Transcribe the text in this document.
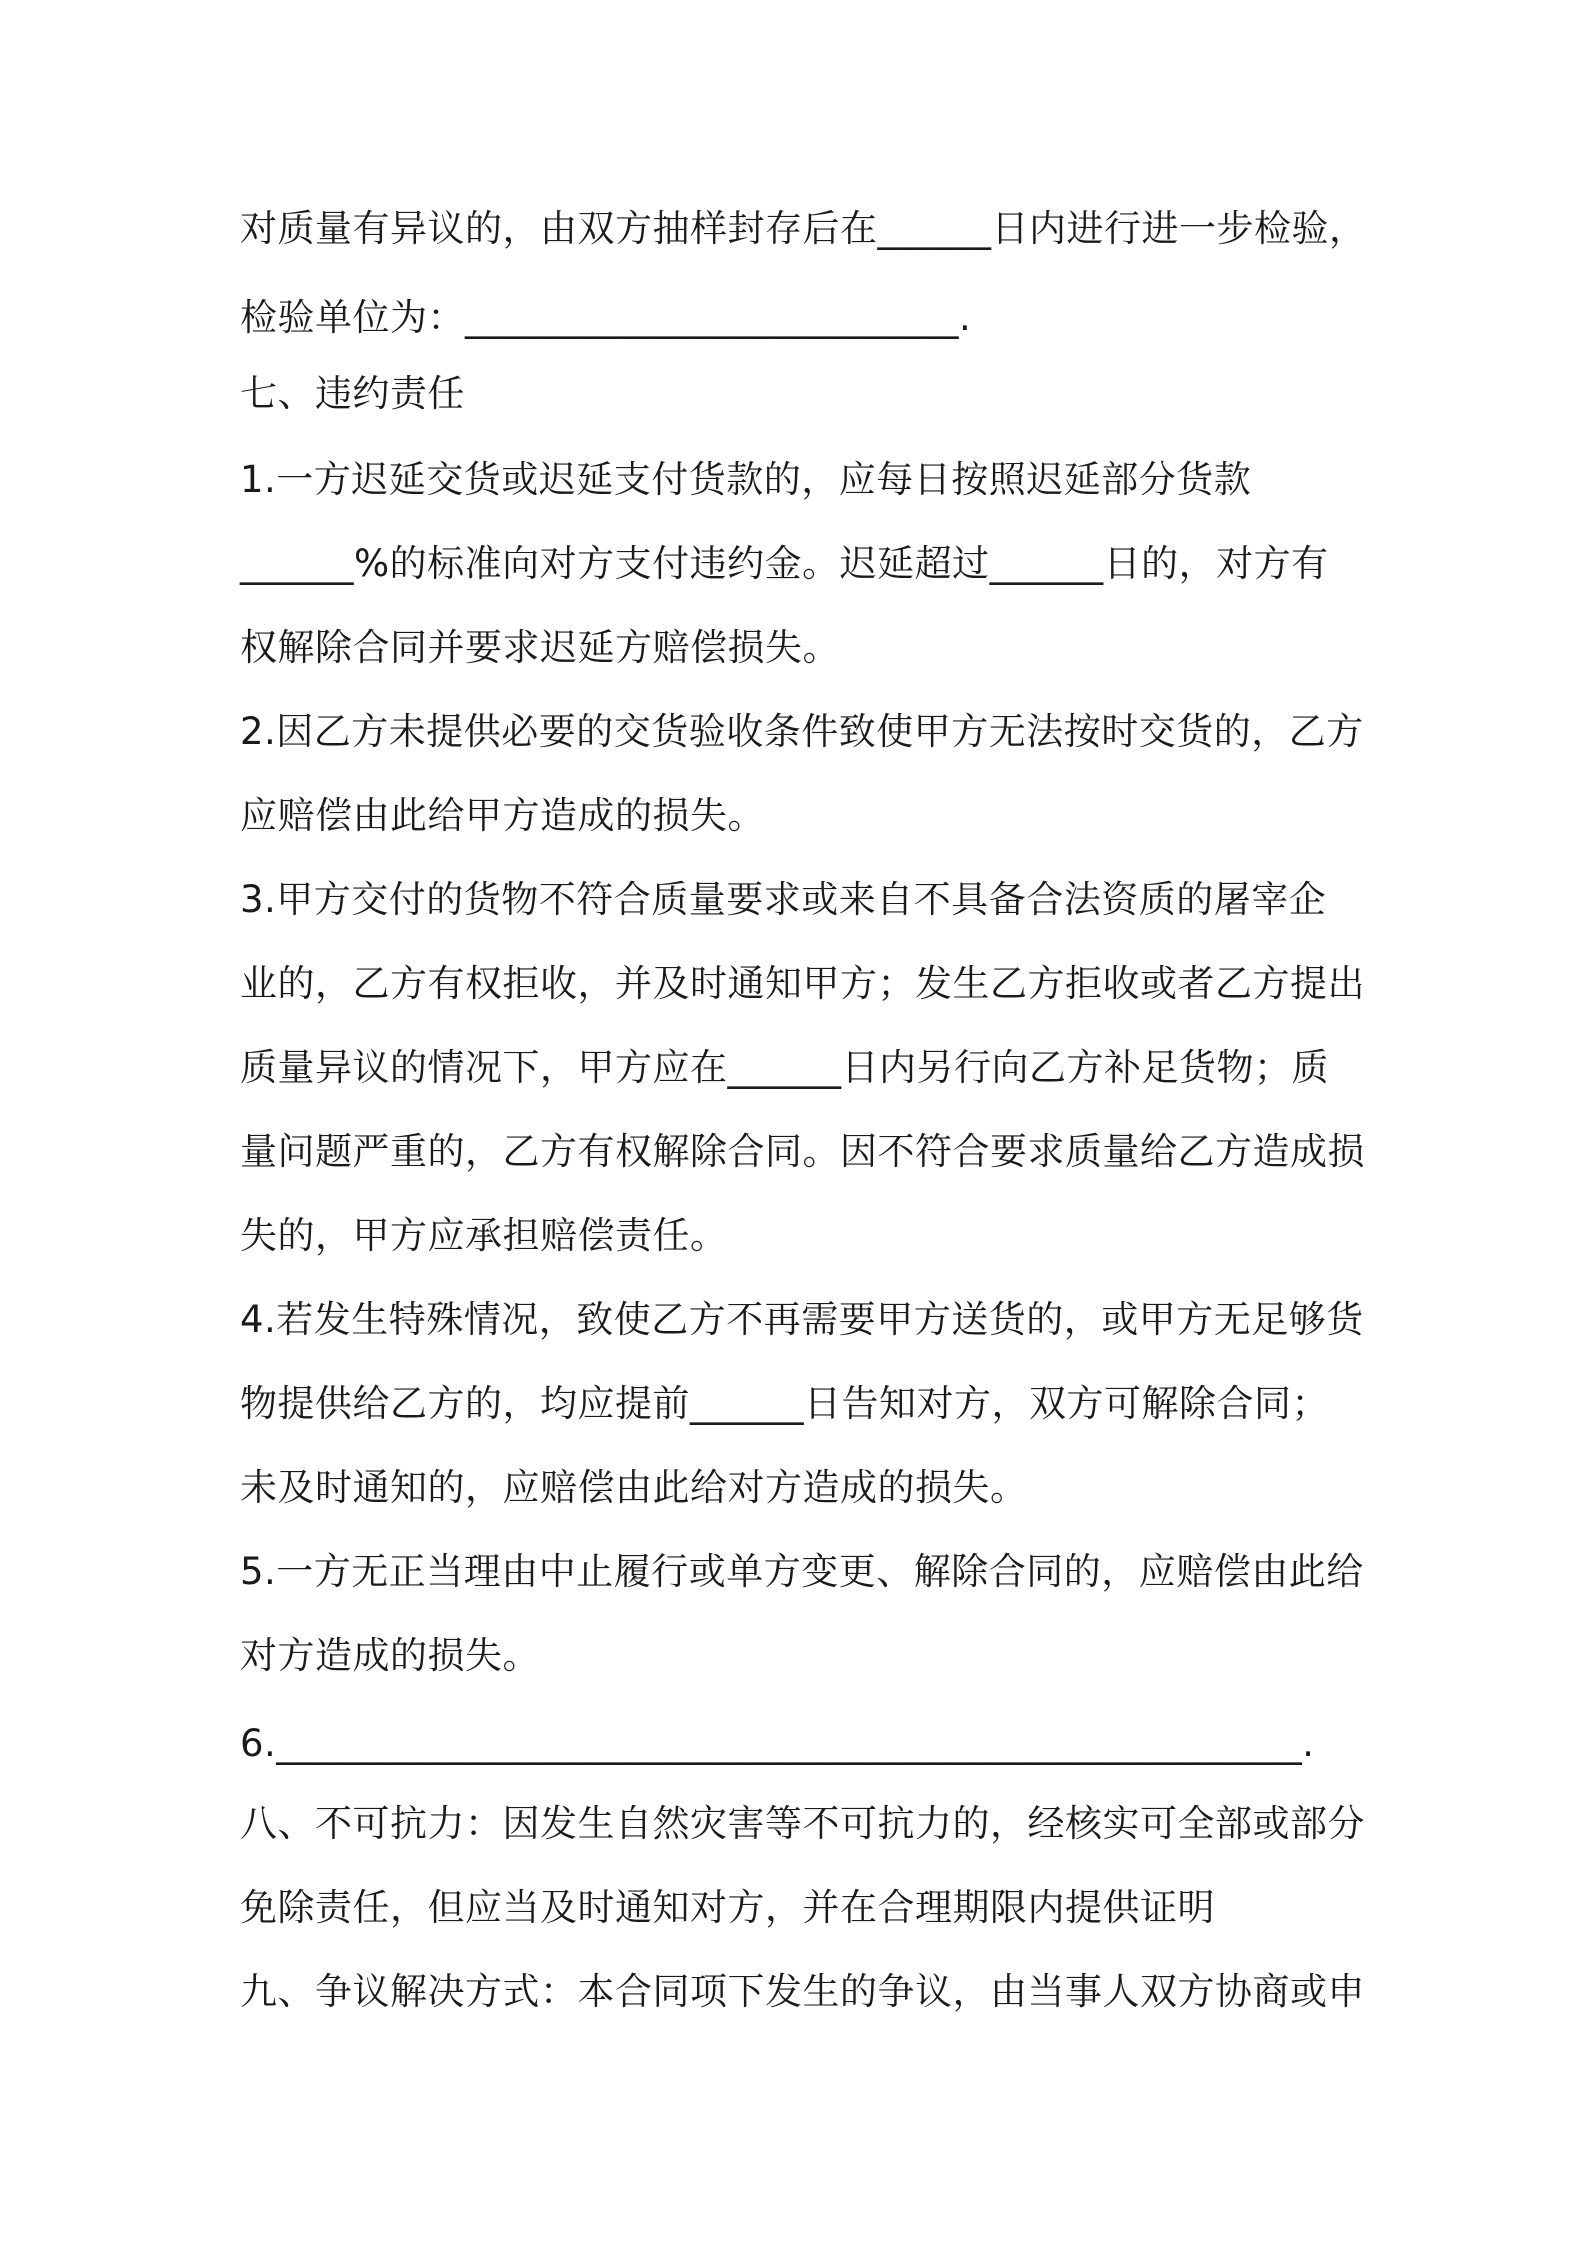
对质量有异议的，由双方抽样封存后在______日内进行进一步检验，
检验单位为：__________________________.
七、违约责任
1.一方迟延交货或迟延支付货款的，应每日按照迟延部分货款
______%的标准向对方支付违约金。迟延超过______日的，对方有
权解除合同并要求迟延方赔偿损失。
2.因乙方未提供必要的交货验收条件致使甲方无法按时交货的，乙方
应赔偿由此给甲方造成的损失。
3.甲方交付的货物不符合质量要求或来自不具备合法资质的屠宰企
业的，乙方有权拒收，并及时通知甲方；发生乙方拒收或者乙方提出
质量异议的情况下，甲方应在______日内另行向乙方补足货物；质
量问题严重的，乙方有权解除合同。因不符合要求质量给乙方造成损
失的，甲方应承担赔偿责任。
4.若发生特殊情况，致使乙方不再需要甲方送货的，或甲方无足够货
物提供给乙方的，均应提前______日告知对方，双方可解除合同；
未及时通知的，应赔偿由此给对方造成的损失。
5.一方无正当理由中止履行或单方变更、解除合同的，应赔偿由此给
对方造成的损失。
6.______________________________________________________.
八、不可抗力：因发生自然灾害等不可抗力的，经核实可全部或部分
免除责任，但应当及时通知对方，并在合理期限内提供证明
九、争议解决方式：本合同项下发生的争议，由当事人双方协商或申
